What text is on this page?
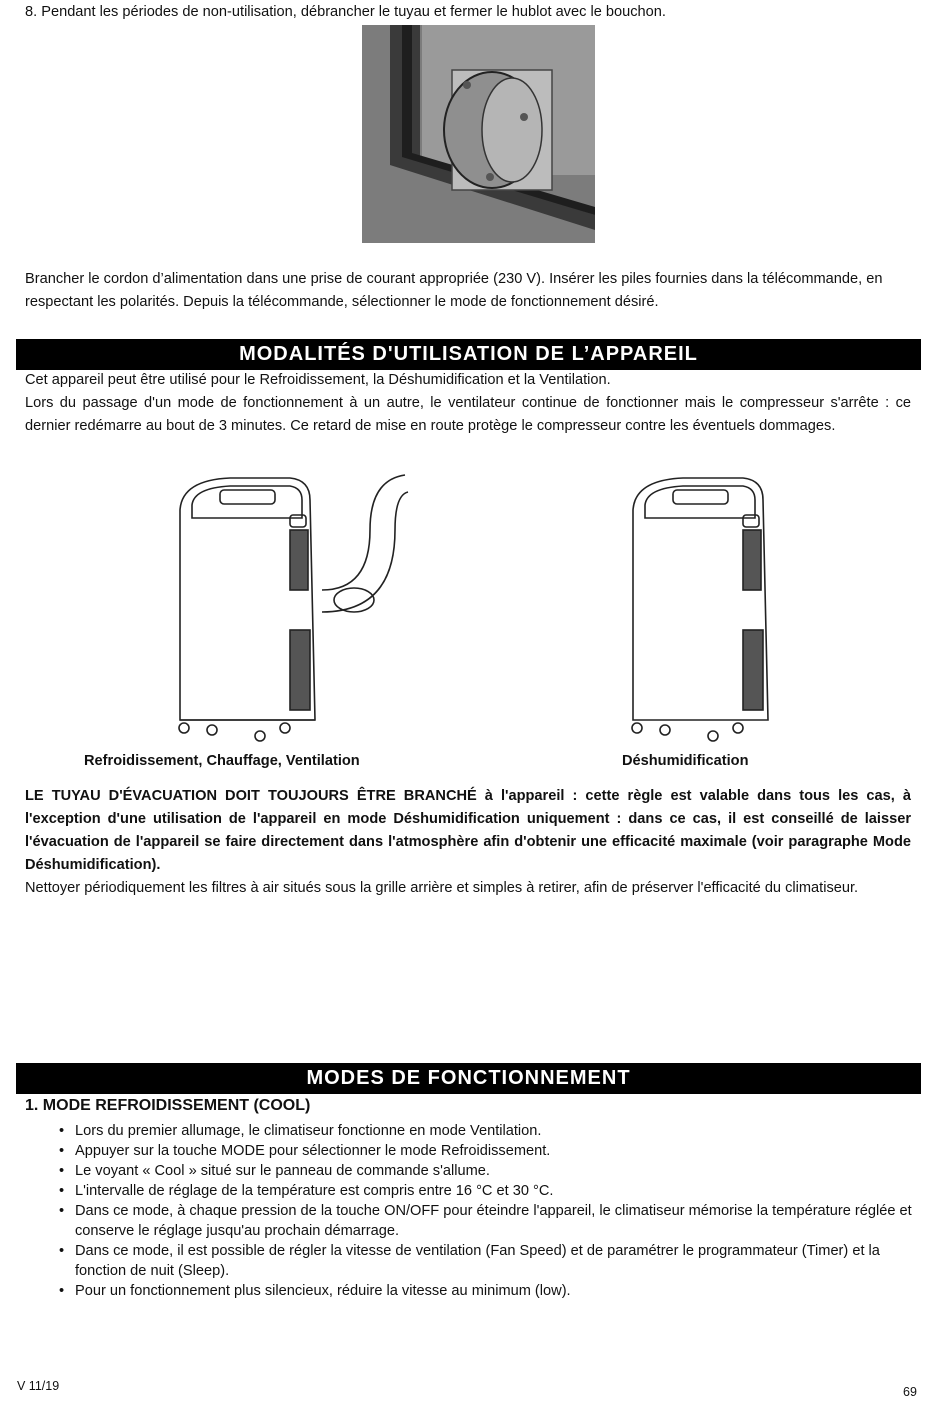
8. Pendant les périodes de non-utilisation, débrancher le tuyau et fermer le hublot avec le bouchon.
Brancher le cordon d’alimentation dans une prise de courant appropriée (230 V). Insérer les piles fournies dans la télécommande, en respectant les polarités. Depuis la télécommande, sélectionner le mode de fonctionnement désiré.
MODALITÉS D'UTILISATION DE L’APPAREIL
Cet appareil peut être utilisé pour le Refroidissement, la Déshumidification et la Ventilation.
Lors du passage d'un mode de fonctionnement à un autre, le ventilateur continue de fonctionner mais le compresseur s'arrête : ce dernier redémarre au bout de 3 minutes. Ce retard de mise en route protège le compresseur contre les éventuels dommages.
Refroidissement, Chauffage, Ventilation	Déshumidification
LE TUYAU D'ÉVACUATION DOIT TOUJOURS ÊTRE BRANCHÉ à l'appareil : cette règle est valable dans tous les cas, à l'exception d'une utilisation de l'appareil en mode Déshumidification uniquement : dans ce cas, il est conseillé de laisser l'évacuation de l'appareil se faire directement dans l'atmosphère afin d'obtenir une efficacité maximale (voir paragraphe Mode Déshumidification).
Nettoyer périodiquement les filtres à air situés sous la grille arrière et simples à retirer, afin de préserver l'efficacité du climatiseur.
MODES DE FONCTIONNEMENT
1. MODE REFROIDISSEMENT (COOL)
• Lors du premier allumage, le climatiseur fonctionne en mode Ventilation.
• Appuyer sur la touche MODE pour sélectionner le mode Refroidissement.
• Le voyant « Cool » situé sur le panneau de commande s'allume.
• L'intervalle de réglage de la température est compris entre 16 °C et 30 °C.
• Dans ce mode, à chaque pression de la touche ON/OFF pour éteindre l'appareil, le climatiseur mémorise la température réglée et conserve le réglage jusqu'au prochain démarrage.
• Dans ce mode, il est possible de régler la vitesse de ventilation (Fan Speed) et de paramétrer le programmateur (Timer) et la fonction de nuit (Sleep).
• Pour un fonctionnement plus silencieux, réduire la vitesse au minimum (low).
V 11/19	69
